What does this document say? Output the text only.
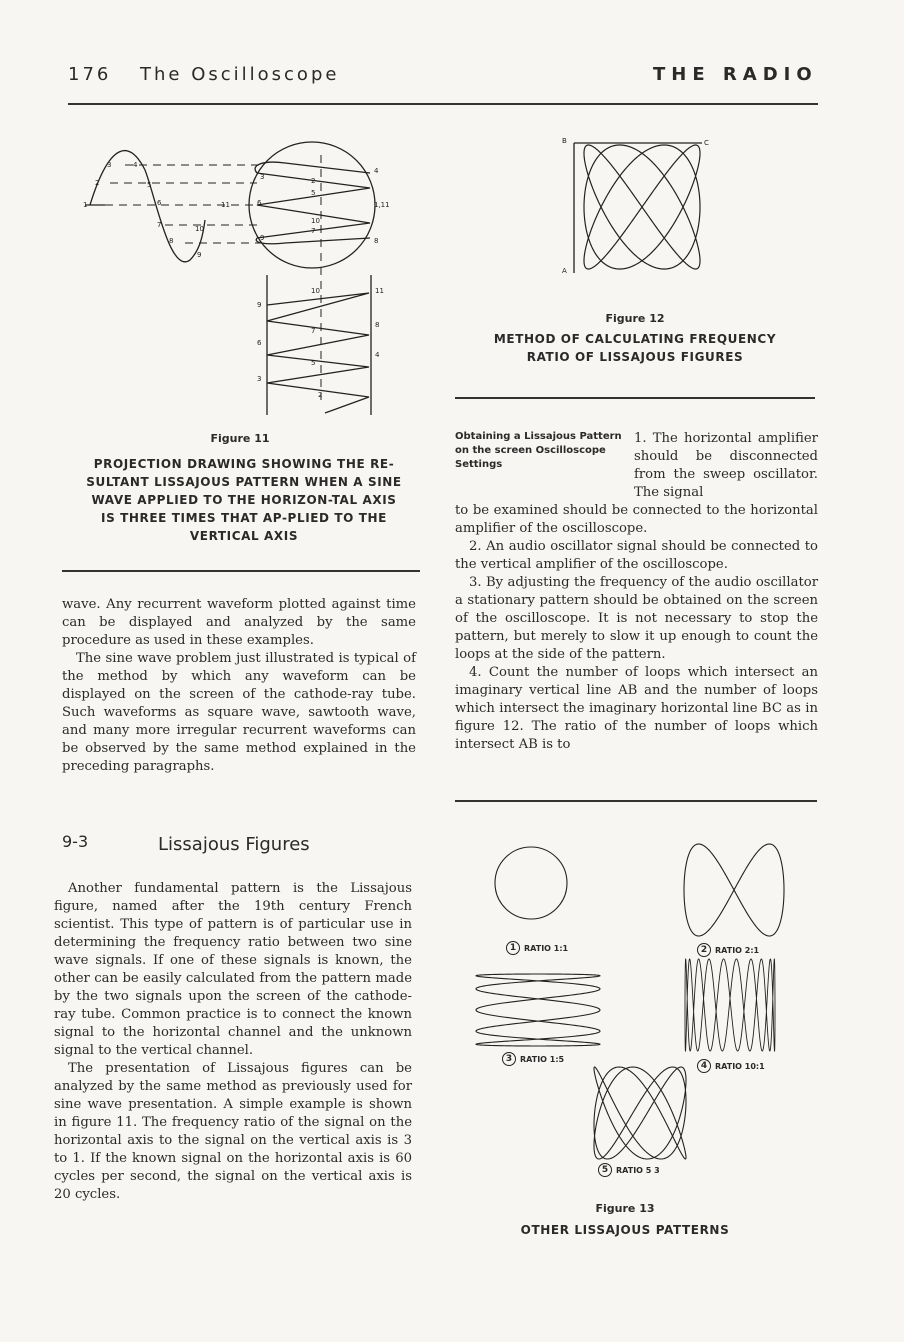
176 The Oscilloscope	THE RADIO
3
2
1
4
5
6
7
8
10
9
11
3
6
9
4
1,11
8
2
5
10
7
10	11
9
7
8
6
5
4
3
2
Figure 11
PROJECTION DRAWING SHOWING THE RE-SULTANT LISSAJOUS PATTERN WHEN A SINE WAVE APPLIED TO THE HORIZON-TAL AXIS IS THREE TIMES THAT AP-PLIED TO THE VERTICAL AXIS

wave. Any recurrent waveform plotted against time can be displayed and analyzed by the same procedure as used in these examples.

The sine wave problem just illustrated is typical of the method by which any waveform can be displayed on the screen of the cathode-ray tube. Such waveforms as square wave, sawtooth wave, and many more irregular recurrent waveforms can be observed by the same method explained in the preceding paragraphs.

9-3	Lissajous Figures

Another fundamental pattern is the Lissajous figure, named after the 19th century French scientist. This type of pattern is of particular use in determining the frequency ratio between two sine wave signals. If one of these signals is known, the other can be easily calculated from the pattern made by the two signals upon the screen of the cathode-ray tube. Common practice is to connect the known signal to the horizontal channel and the unknown signal to the vertical channel.

The presentation of Lissajous figures can be analyzed by the same method as previously used for sine wave presentation. A simple example is shown in figure 11. The frequency ratio of the signal on the horizontal axis to the signal on the vertical axis is 3 to 1. If the known signal on the horizontal axis is 60 cycles per second, the signal on the vertical axis is 20 cycles.

B	C
A
Figure 12
METHOD OF CALCULATING FREQUENCY RATIO OF LISSAJOUS FIGURES
Obtaining a Lissajous Pattern on the screen Oscilloscope Settings

1. The horizontal amplifier should be disconnected from the sweep oscillator. The signal

to be examined should be connected to the horizontal amplifier of the oscilloscope.

2. An audio oscillator signal should be connected to the vertical amplifier of the oscilloscope.

3. By adjusting the frequency of the audio oscillator a stationary pattern should be obtained on the screen of the oscilloscope. It is not necessary to stop the pattern, but merely to slow it up enough to count the loops at the side of the pattern.

4. Count the number of loops which intersect an imaginary vertical line AB and the number of loops which intersect the imaginary horizontal line BC as in figure 12. The ratio of the number of loops which intersect AB is to

1 RATIO 1:1	2 RATIO 2:1
3 RATIO 1:5
4 RATIO 10:1
5 RATIO 5 3
Figure 13
OTHER LISSAJOUS PATTERNS
